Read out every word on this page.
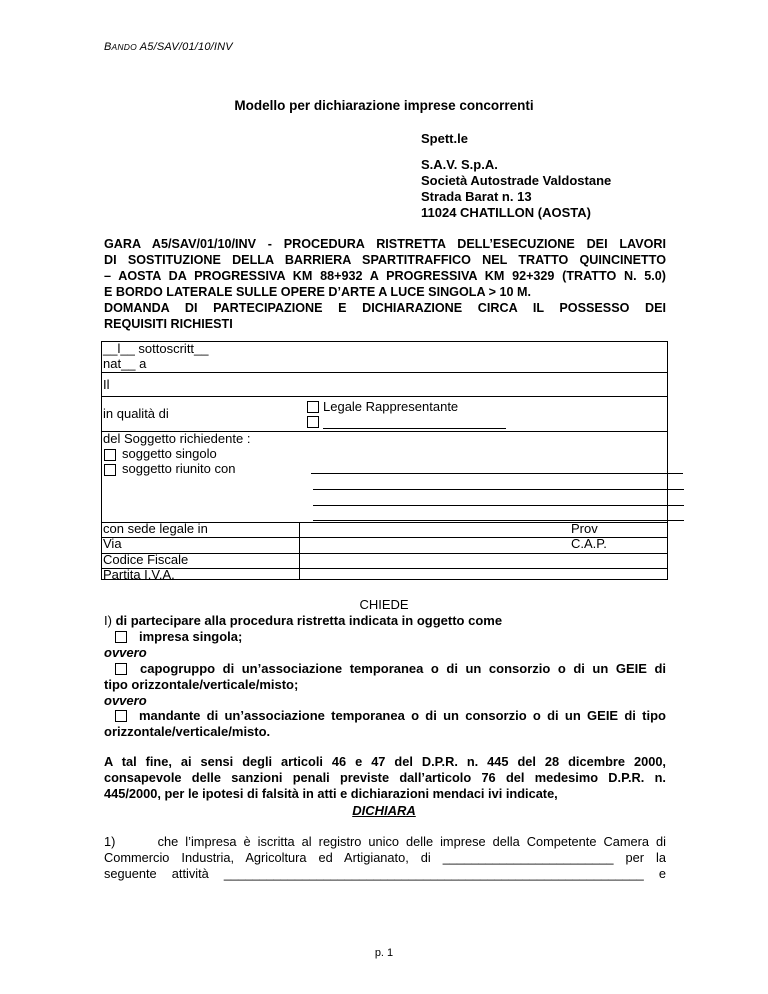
BANDO A5/SAV/01/10/INV
Modello per dichiarazione imprese concorrenti
Spett.le
S.A.V. S.p.A.
Società Autostrade Valdostane
Strada Barat n. 13
11024 CHATILLON (AOSTA)
GARA A5/SAV/01/10/INV - PROCEDURA RISTRETTA DELL’ESECUZIONE DEI LAVORI
DI SOSTITUZIONE DELLA BARRIERA SPARTITRAFFICO NEL TRATTO QUINCINETTO
– AOSTA DA PROGRESSIVA KM 88+932 A PROGRESSIVA KM 92+329 (TRATTO N. 5.0)
E BORDO LATERALE SULLE OPERE D’ARTE A LUCE SINGOLA > 10 M.
DOMANDA DI PARTECIPAZIONE E DICHIARAZIONE CIRCA IL POSSESSO DEI
REQUISITI RICHIESTI
__l__ sottoscritt__
nat__ a
Il
in qualità di	Legale Rappresentante
del Soggetto richiedente :
soggetto singolo
soggetto riunito con
con sede legale in	Prov
Via	C.A.P.
Codice Fiscale
Partita I.V.A.
CHIEDE
I) di partecipare alla procedura ristretta indicata in oggetto come
impresa singola;
ovvero
capogruppo di un’associazione temporanea o di un consorzio o di un GEIE di
tipo orizzontale/verticale/misto;
ovvero
mandante di un’associazione temporanea o di un consorzio o di un GEIE di tipo
orizzontale/verticale/misto.
A tal fine, ai sensi degli articoli 46 e 47 del D.P.R. n. 445 del 28 dicembre 2000,
consapevole delle sanzioni penali previste dall’articolo 76 del medesimo D.P.R. n.
445/2000, per le ipotesi di falsità in atti e dichiarazioni mendaci ivi indicate,
DICHIARA
1)      che l’impresa è iscritta al registro unico delle imprese della Competente Camera di
Commercio Industria, Agricoltura ed Artigianato, di ________________________ per la
seguente attività ___________________________________________________________ e
p. 1
